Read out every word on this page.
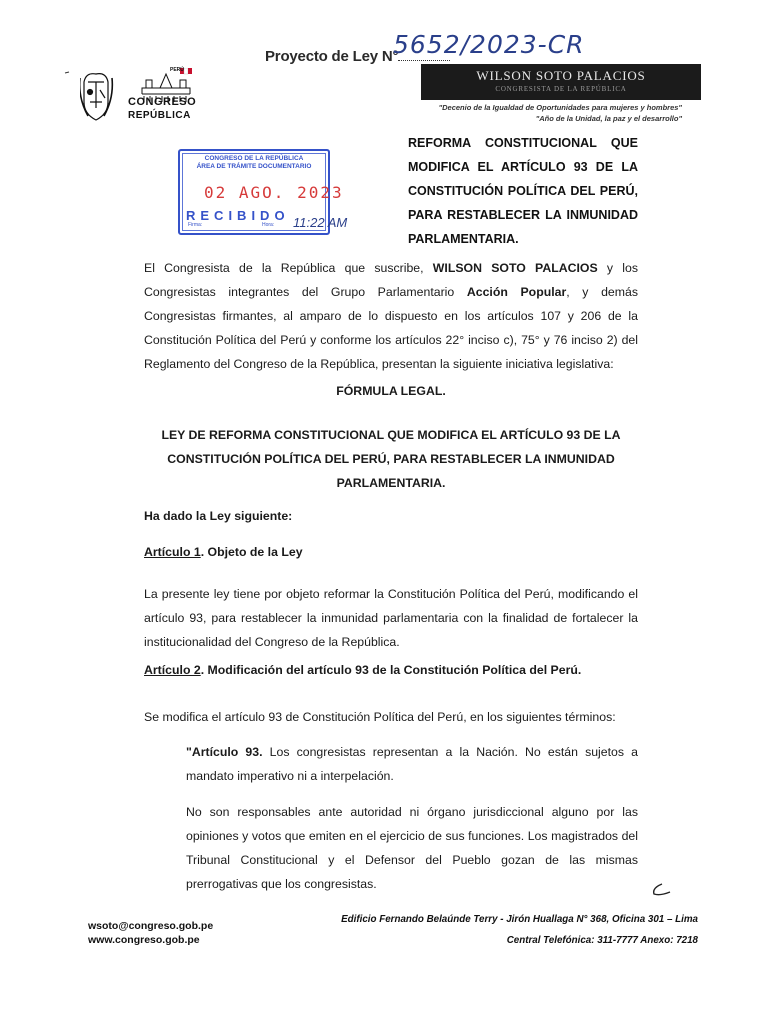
Proyecto de Ley N°
5652/2023-CR
PERÚ
CONGRESO
REPÚBLICA
WILSON SOTO PALACIOS
CONGRESISTA DE LA REPÚBLICA
"Decenio de la Igualdad de Oportunidades para mujeres y hombres"
"Año de la Unidad, la paz y el desarrollo"
REFORMA CONSTITUCIONAL QUE MODIFICA EL ARTÍCULO 93 DE LA CONSTITUCIÓN POLÍTICA DEL PERÚ, PARA RESTABLECER LA INMUNIDAD PARLAMENTARIA.
CONGRESO DE LA REPÚBLICA
ÁREA DE TRÁMITE DOCUMENTARIO
02 AGO. 2023
RECIBIDO
Firma:	Hora: 11:22 AM
El Congresista de la República que suscribe, WILSON SOTO PALACIOS y los Congresistas integrantes del Grupo Parlamentario Acción Popular, y demás Congresistas firmantes, al amparo de lo dispuesto en los artículos 107 y 206 de la Constitución Política del Perú y conforme los artículos 22° inciso c), 75° y 76 inciso 2) del Reglamento del Congreso de la República, presentan la siguiente iniciativa legislativa:
FÓRMULA LEGAL.
LEY DE REFORMA CONSTITUCIONAL QUE MODIFICA EL ARTÍCULO 93 DE LA CONSTITUCIÓN POLÍTICA DEL PERÚ, PARA RESTABLECER LA INMUNIDAD PARLAMENTARIA.
Ha dado la Ley siguiente:
Artículo 1. Objeto de la Ley
La presente ley tiene por objeto reformar la Constitución Política del Perú, modificando el artículo 93, para restablecer la inmunidad parlamentaria con la finalidad de fortalecer la institucionalidad del Congreso de la República.
Artículo 2. Modificación del artículo 93 de la Constitución Política del Perú.
Se modifica el artículo 93 de Constitución Política del Perú, en los siguientes términos:
"Artículo 93. Los congresistas representan a la Nación. No están sujetos a mandato imperativo ni a interpelación.
No son responsables ante autoridad ni órgano jurisdiccional alguno por las opiniones y votos que emiten en el ejercicio de sus funciones. Los magistrados del Tribunal Constitucional y el Defensor del Pueblo gozan de las mismas prerrogativas que los congresistas.
wsoto@congreso.gob.pe
www.congreso.gob.pe
Edificio Fernando Belaúnde Terry - Jirón Huallaga N° 368, Oficina 301 – Lima
Central Telefónica: 311-7777 Anexo: 7218
